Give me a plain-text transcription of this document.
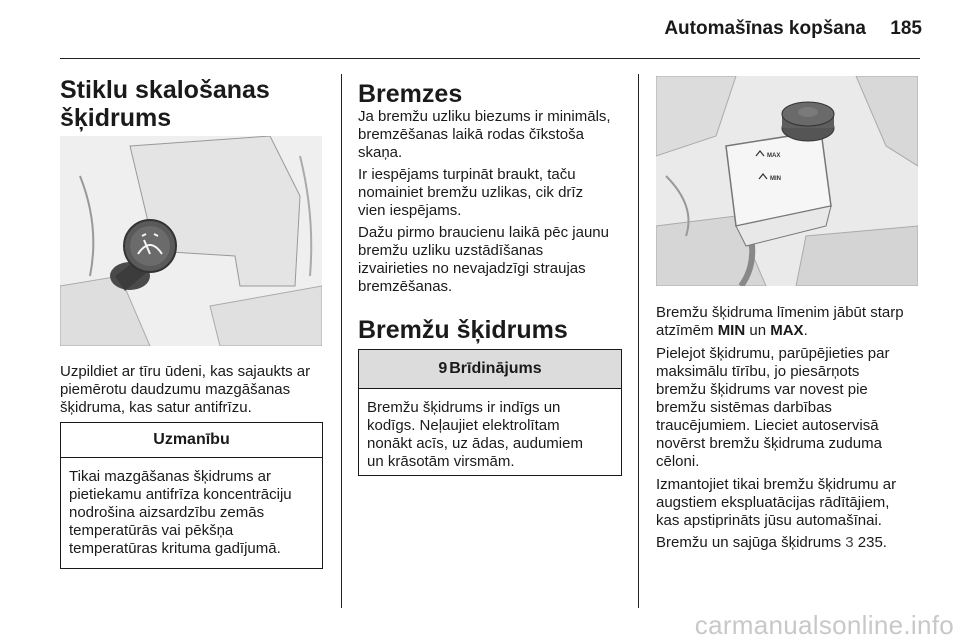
Automašīnas kopšana	185
Stiklu skalošanas
šķidrums
Uzpildiet ar tīru ūdeni, kas sajaukts ar
piemērotu daudzumu mazgāšanas
šķidruma, kas satur antifrīzu.
Uzmanību
Tikai mazgāšanas šķidrums ar
pietiekamu antifrīza koncentrāciju
nodrošina aizsardzību zemās
temperatūrās vai pēkšņa
temperatūras krituma gadījumā.
Bremzes
Ja bremžu uzliku biezums ir minimāls,
bremzēšanas laikā rodas čīkstoša
skaņa.
Ir iespējams turpināt braukt, taču
nomainiet bremžu uzlikas, cik drīz
vien iespējams.
Dažu pirmo braucienu laikā pēc jaunu
bremžu uzliku uzstādīšanas
izvairieties no nevajadzīgi straujas
bremzēšanas.
Bremžu šķidrums
9 Brīdinājums
Bremžu šķidrums ir indīgs un
kodīgs. Neļaujiet elektrolītam
nonākt acīs, uz ādas, audumiem
un krāsotām virsmām.
MAX
MIN
Bremžu šķidruma līmenim jābūt starp
atzīmēm MIN un MAX.
Pielejot šķidrumu, parūpējieties par
maksimālu tīrību, jo piesārņots
bremžu šķidrums var novest pie
bremžu sistēmas darbības
traucējumiem. Lieciet autoservisā
novērst bremžu šķidruma zuduma
cēloni.
Izmantojiet tikai bremžu šķidrumu ar
augstiem ekspluatācijas rādītājiem,
kas apstiprināts jūsu automašīnai.
Bremžu un sajūga šķidrums 3 235.
carmanualsonline.info
